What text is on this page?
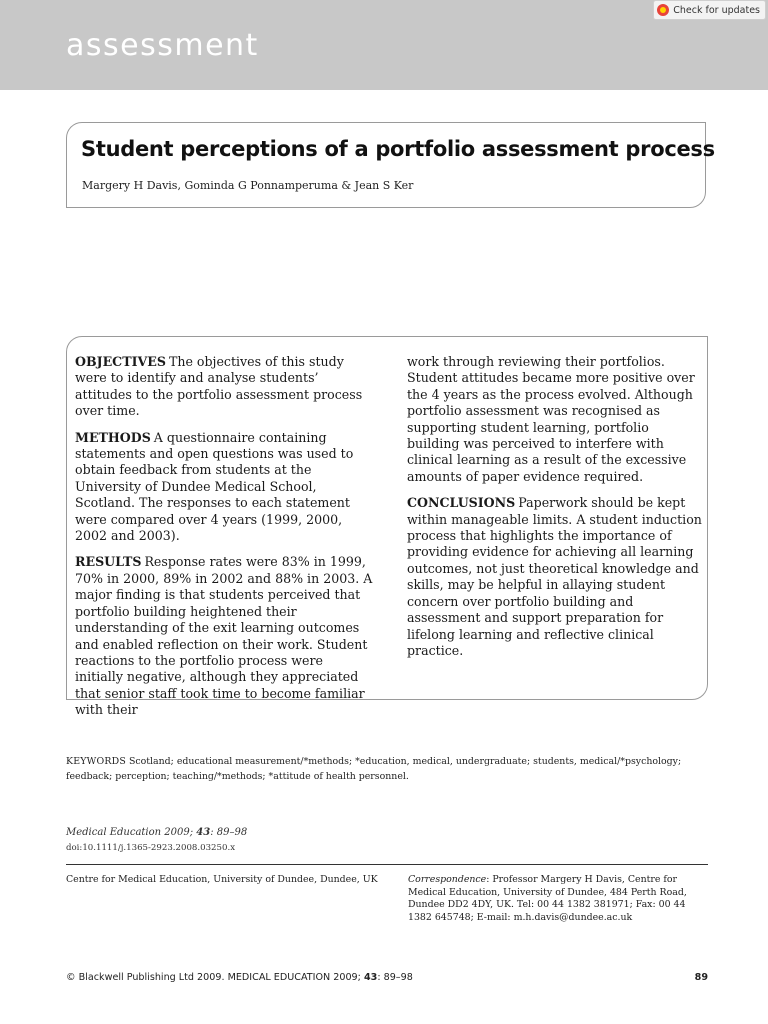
assessment
Check for updates
Student perceptions of a portfolio assessment process
Margery H Davis, Gominda G Ponnamperuma & Jean S Ker

OBJECTIVES The objectives of this study were to identify and analyse students’ attitudes to the portfolio assessment process over time.

METHODS A questionnaire containing statements and open questions was used to obtain feedback from students at the University of Dundee Medical School, Scotland. The responses to each statement were compared over 4 years (1999, 2000, 2002 and 2003).

RESULTS Response rates were 83% in 1999, 70% in 2000, 89% in 2002 and 88% in 2003. A major finding is that students perceived that portfolio building heightened their understanding of the exit learning outcomes and enabled reflection on their work. Student reactions to the portfolio process were initially negative, although they appreciated that senior staff took time to become familiar with their

work through reviewing their portfolios. Student attitudes became more positive over the 4 years as the process evolved. Although portfolio assessment was recognised as supporting student learning, portfolio building was perceived to interfere with clinical learning as a result of the excessive amounts of paper evidence required.

CONCLUSIONS Paperwork should be kept within manageable limits. A student induction process that highlights the importance of providing evidence for achieving all learning outcomes, not just theoretical knowledge and skills, may be helpful in allaying student concern over portfolio building and assessment and support preparation for lifelong learning and reflective clinical practice.

KEYWORDS Scotland; educational measurement/*methods; *education, medical, undergraduate; students, medical/*psychology; feedback; perception; teaching/*methods; *attitude of health personnel.
Medical Education 2009; 43: 89–98
doi:10.1111/j.1365-2923.2008.03250.x
Centre for Medical Education, University of Dundee, Dundee, UK	Correspondence: Professor Margery H Davis, Centre for Medical Education, University of Dundee, 484 Perth Road, Dundee DD2 4DY, UK. Tel: 00 44 1382 381971; Fax: 00 44 1382 645748; E-mail: m.h.davis@dundee.ac.uk
© Blackwell Publishing Ltd 2009. MEDICAL EDUCATION 2009; 43: 89–98	89
